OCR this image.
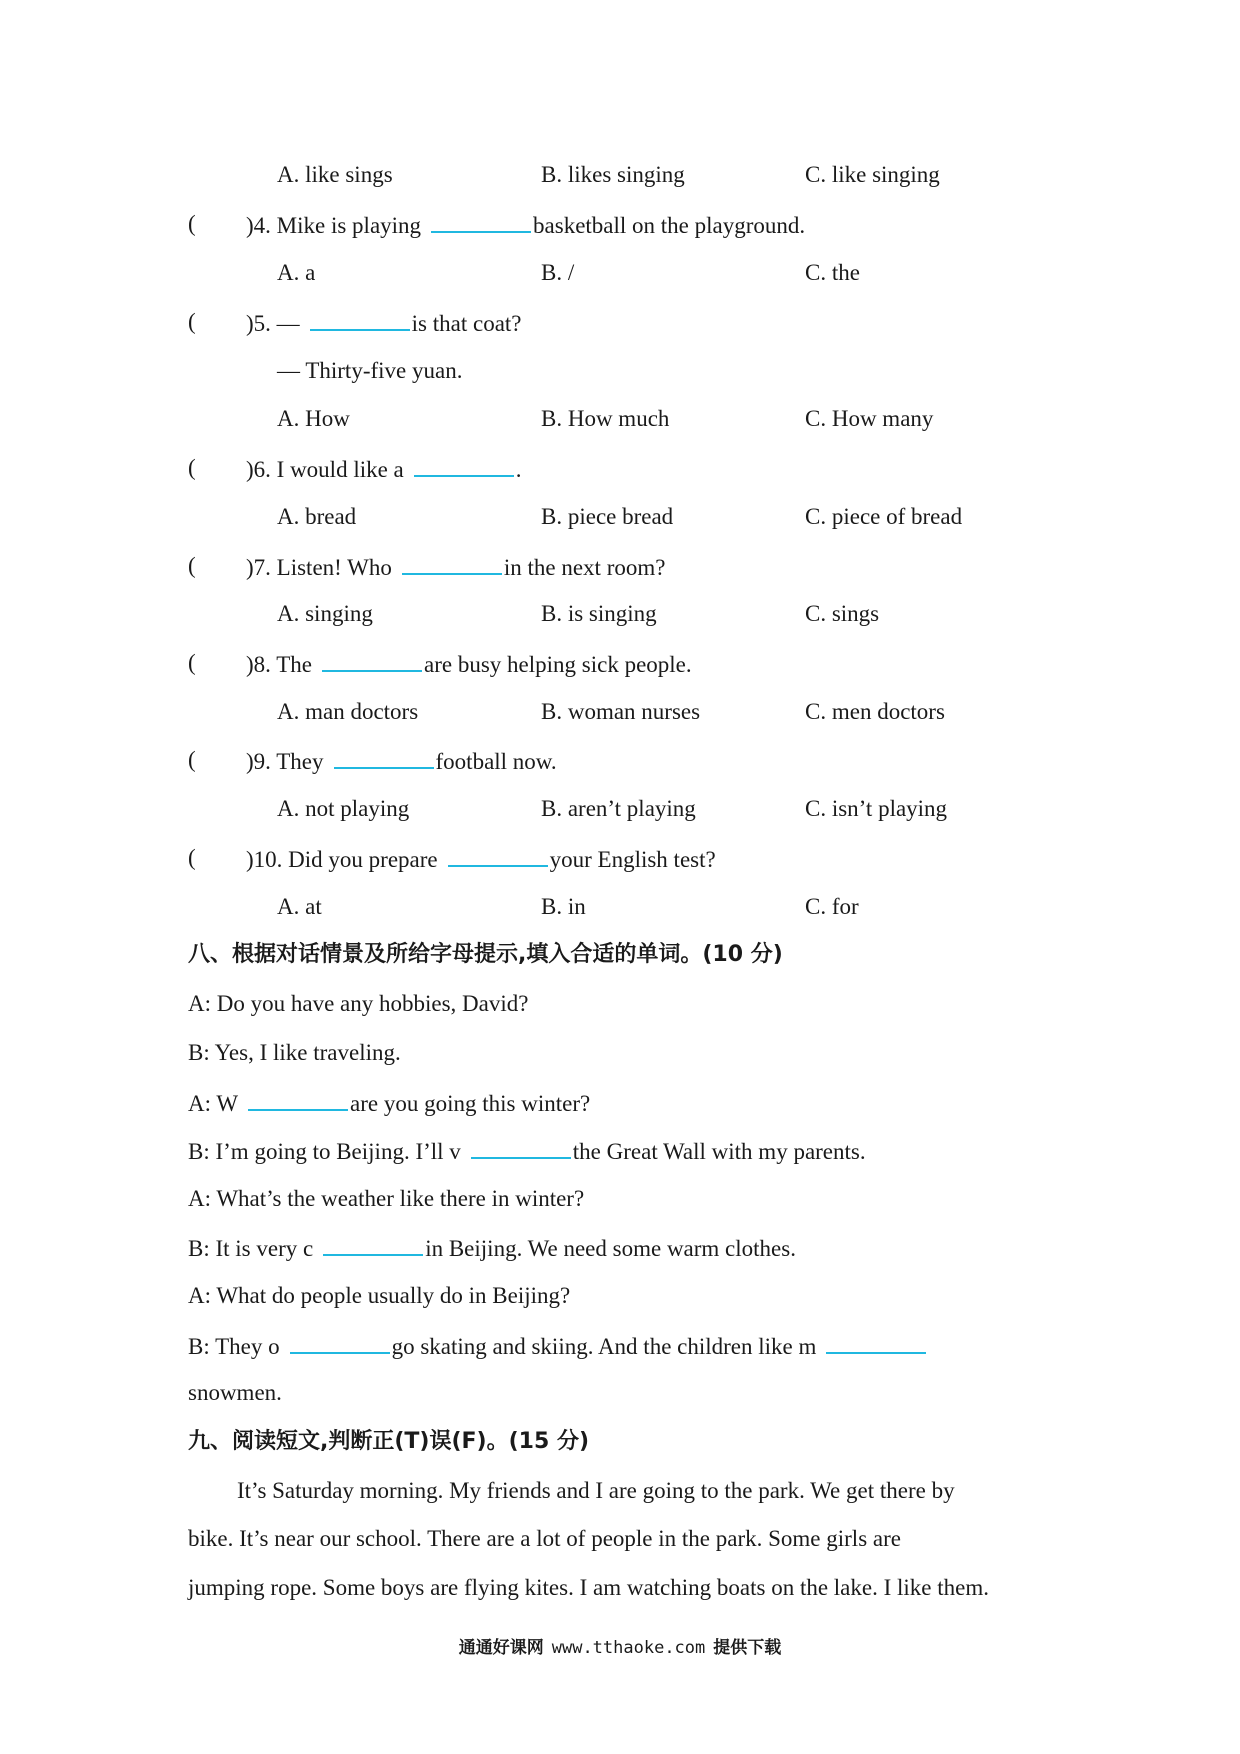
A. like sings	B. likes singing	C. like singing
( )4. Mike is playing	basketball on the playground.
A. a	B. /	C. the
( )5. —	is that coat?
— Thirty-five yuan.
A. How	B. How much	C. How many
( )6. I would like a	.
A. bread	B. piece bread	C. piece of bread
( )7. Listen! Who	in the next room?
A. singing	B. is singing	C. sings
( )8. The	are busy helping sick people.
A. man doctors	B. woman nurses	C. men doctors
( )9. They	football now.
A. not playing	B. aren’t playing	C. isn’t playing
( )10. Did you prepare	your English test?
A. at	B. in	C. for
八、根据对话情景及所给字母提示,填入合适的单词。(10 分)
A: Do you have any hobbies, David?
B: Yes, I like traveling.
A: W	are you going this winter?
B: I’m going to Beijing. I’ll v	the Great Wall with my parents.
A: What’s the weather like there in winter?
B: It is very c	in Beijing. We need some warm clothes.
A: What do people usually do in Beijing?
B: They o	go skating and skiing. And the children like m
snowmen.
九、阅读短文,判断正(T)误(F)。(15 分)
It’s Saturday morning. My friends and I are going to the park. We get there by
bike. It’s near our school. There are a lot of people in the park. Some girls are
jumping rope. Some boys are flying kites. I am watching boats on the lake. I like them.
通通好课网 www.tthaoke.com 提供下载
